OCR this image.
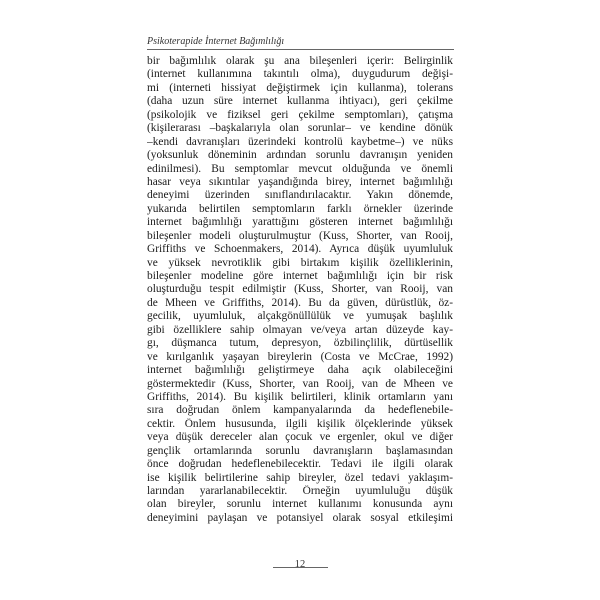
Psikoterapide İnternet Bağımlılığı
bir bağımlılık olarak şu ana bileşenleri içerir: Belirginlik
(internet kullanımına takıntılı olma), duygudurum değişi-
mi (interneti hissiyat değiştirmek için kullanma), tolerans
(daha uzun süre internet kullanma ihtiyacı), geri çekilme
(psikolojik ve fiziksel geri çekilme semptomları), çatışma
(kişilerarası –başkalarıyla olan sorunlar– ve kendine dönük
–kendi davranışları üzerindeki kontrolü kaybetme–) ve nüks
(yoksunluk döneminin ardından sorunlu davranışın yeniden
edinilmesi). Bu semptomlar mevcut olduğunda ve önemli
hasar veya sıkıntılar yaşandığında birey, internet bağımlılığı
deneyimi üzerinden sınıflandırılacaktır. Yakın dönemde,
yukarıda belirtilen semptomların farklı örnekler üzerinde
internet bağımlılığı yarattığını gösteren internet bağımlılığı
bileşenler modeli oluşturulmuştur (Kuss, Shorter, van Rooij,
Griffiths ve Schoenmakers, 2014). Ayrıca düşük uyumluluk
ve yüksek nevrotiklik gibi birtakım kişilik özelliklerinin,
bileşenler modeline göre internet bağımlılığı için bir risk
oluşturduğu tespit edilmiştir (Kuss, Shorter, van Rooij, van
de Mheen ve Griffiths, 2014). Bu da güven, dürüstlük, öz-
gecilik, uyumluluk, alçakgönüllülük ve yumuşak başlılık
gibi özelliklere sahip olmayan ve/veya artan düzeyde kay-
gı, düşmanca tutum, depresyon, özbilinçlilik, dürtüsellik
ve kırılganlık yaşayan bireylerin (Costa ve McCrae, 1992)
internet bağımlılığı geliştirmeye daha açık olabileceğini
göstermektedir (Kuss, Shorter, van Rooij, van de Mheen ve
Griffiths, 2014). Bu kişilik belirtileri, klinik ortamların yanı
sıra doğrudan önlem kampanyalarında da hedeflenebile-
cektir. Önlem hususunda, ilgili kişilik ölçeklerinde yüksek
veya düşük dereceler alan çocuk ve ergenler, okul ve diğer
gençlik ortamlarında sorunlu davranışların başlamasından
önce doğrudan hedeflenebilecektir. Tedavi ile ilgili olarak
ise kişilik belirtilerine sahip bireyler, özel tedavi yaklaşım-
larından yararlanabilecektir. Örneğin uyumluluğu düşük
olan bireyler, sorunlu internet kullanımı konusunda aynı
deneyimini paylaşan ve potansiyel olarak sosyal etkileşimi
12
